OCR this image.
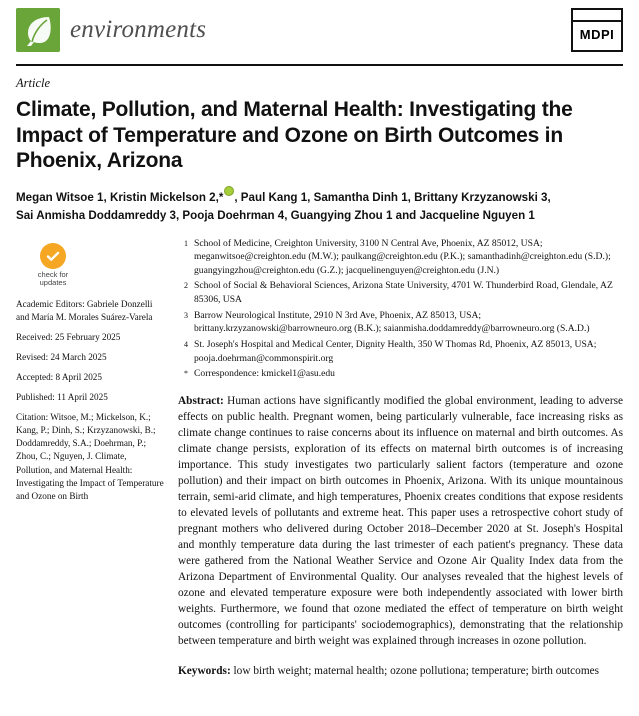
environments	MDPI
Article
Climate, Pollution, and Maternal Health: Investigating the Impact of Temperature and Ozone on Birth Outcomes in Phoenix, Arizona
Megan Witsoe 1, Kristin Mickelson 2,* , Paul Kang 1, Samantha Dinh 1, Brittany Krzyzanowski 3,
Sai Anmisha Doddamreddy 3, Pooja Doehrman 4, Guangying Zhou 1 and Jacqueline Nguyen 1
check for
updates

Academic Editors: Gabriele Donzelli and María M. Morales Suárez-Varela

Received: 25 February 2025

Revised: 24 March 2025

Accepted: 8 April 2025

Published: 11 April 2025

Citation: Witsoe, M.; Mickelson, K.; Kang, P.; Dinh, S.; Krzyzanowski, B.; Doddamreddy, S.A.; Doehrman, P.; Zhou, C.; Nguyen, J. Climate, Pollution, and Maternal Health: Investigating the Impact of Temperature and Ozone on Birth
1 School of Medicine, Creighton University, 3100 N Central Ave, Phoenix, AZ 85012, USA; meganwitsoe@creighton.edu (M.W.); paulkang@creighton.edu (P.K.); samanthadinh@creighton.edu (S.D.); guangyingzhou@creighton.edu (G.Z.); jacquelinenguyen@creighton.edu (J.N.)
2 School of Social & Behavioral Sciences, Arizona State University, 4701 W. Thunderbird Road, Glendale, AZ 85306, USA
3 Barrow Neurological Institute, 2910 N 3rd Ave, Phoenix, AZ 85013, USA; brittany.krzyzanowski@barrowneuro.org (B.K.); saianmisha.doddamreddy@barrowneuro.org (S.A.D.)
4 St. Joseph's Hospital and Medical Center, Dignity Health, 350 W Thomas Rd, Phoenix, AZ 85013, USA; pooja.doehrman@commonspirit.org
* Correspondence: kmickel1@asu.edu
Abstract: Human actions have significantly modified the global environment, leading to adverse effects on public health. Pregnant women, being particularly vulnerable, face increasing risks as climate change continues to raise concerns about its influence on maternal and birth outcomes. As climate change persists, exploration of its effects on maternal birth outcomes is of increasing importance. This study investigates two particularly salient factors (temperature and ozone pollution) and their impact on birth outcomes in Phoenix, Arizona. With its unique mountainous terrain, semi-arid climate, and high temperatures, Phoenix creates conditions that expose residents to elevated levels of pollutants and extreme heat. This paper uses a retrospective cohort study of pregnant mothers who delivered during October 2018–December 2020 at St. Joseph's Hospital and monthly temperature data during the last trimester of each patient's pregnancy. These data were gathered from the National Weather Service and Ozone Air Quality Index data from the Arizona Department of Environmental Quality. Our analyses revealed that the highest levels of ozone and elevated temperature exposure were both independently associated with lower birth weights. Furthermore, we found that ozone mediated the effect of temperature on birth weight outcomes (controlling for participants' sociodemographics), demonstrating that the relationship between temperature and birth weight was explained through increases in ozone pollution.
Keywords: low birth weight; maternal health; ozone pollutiona; temperature; birth outcomes
